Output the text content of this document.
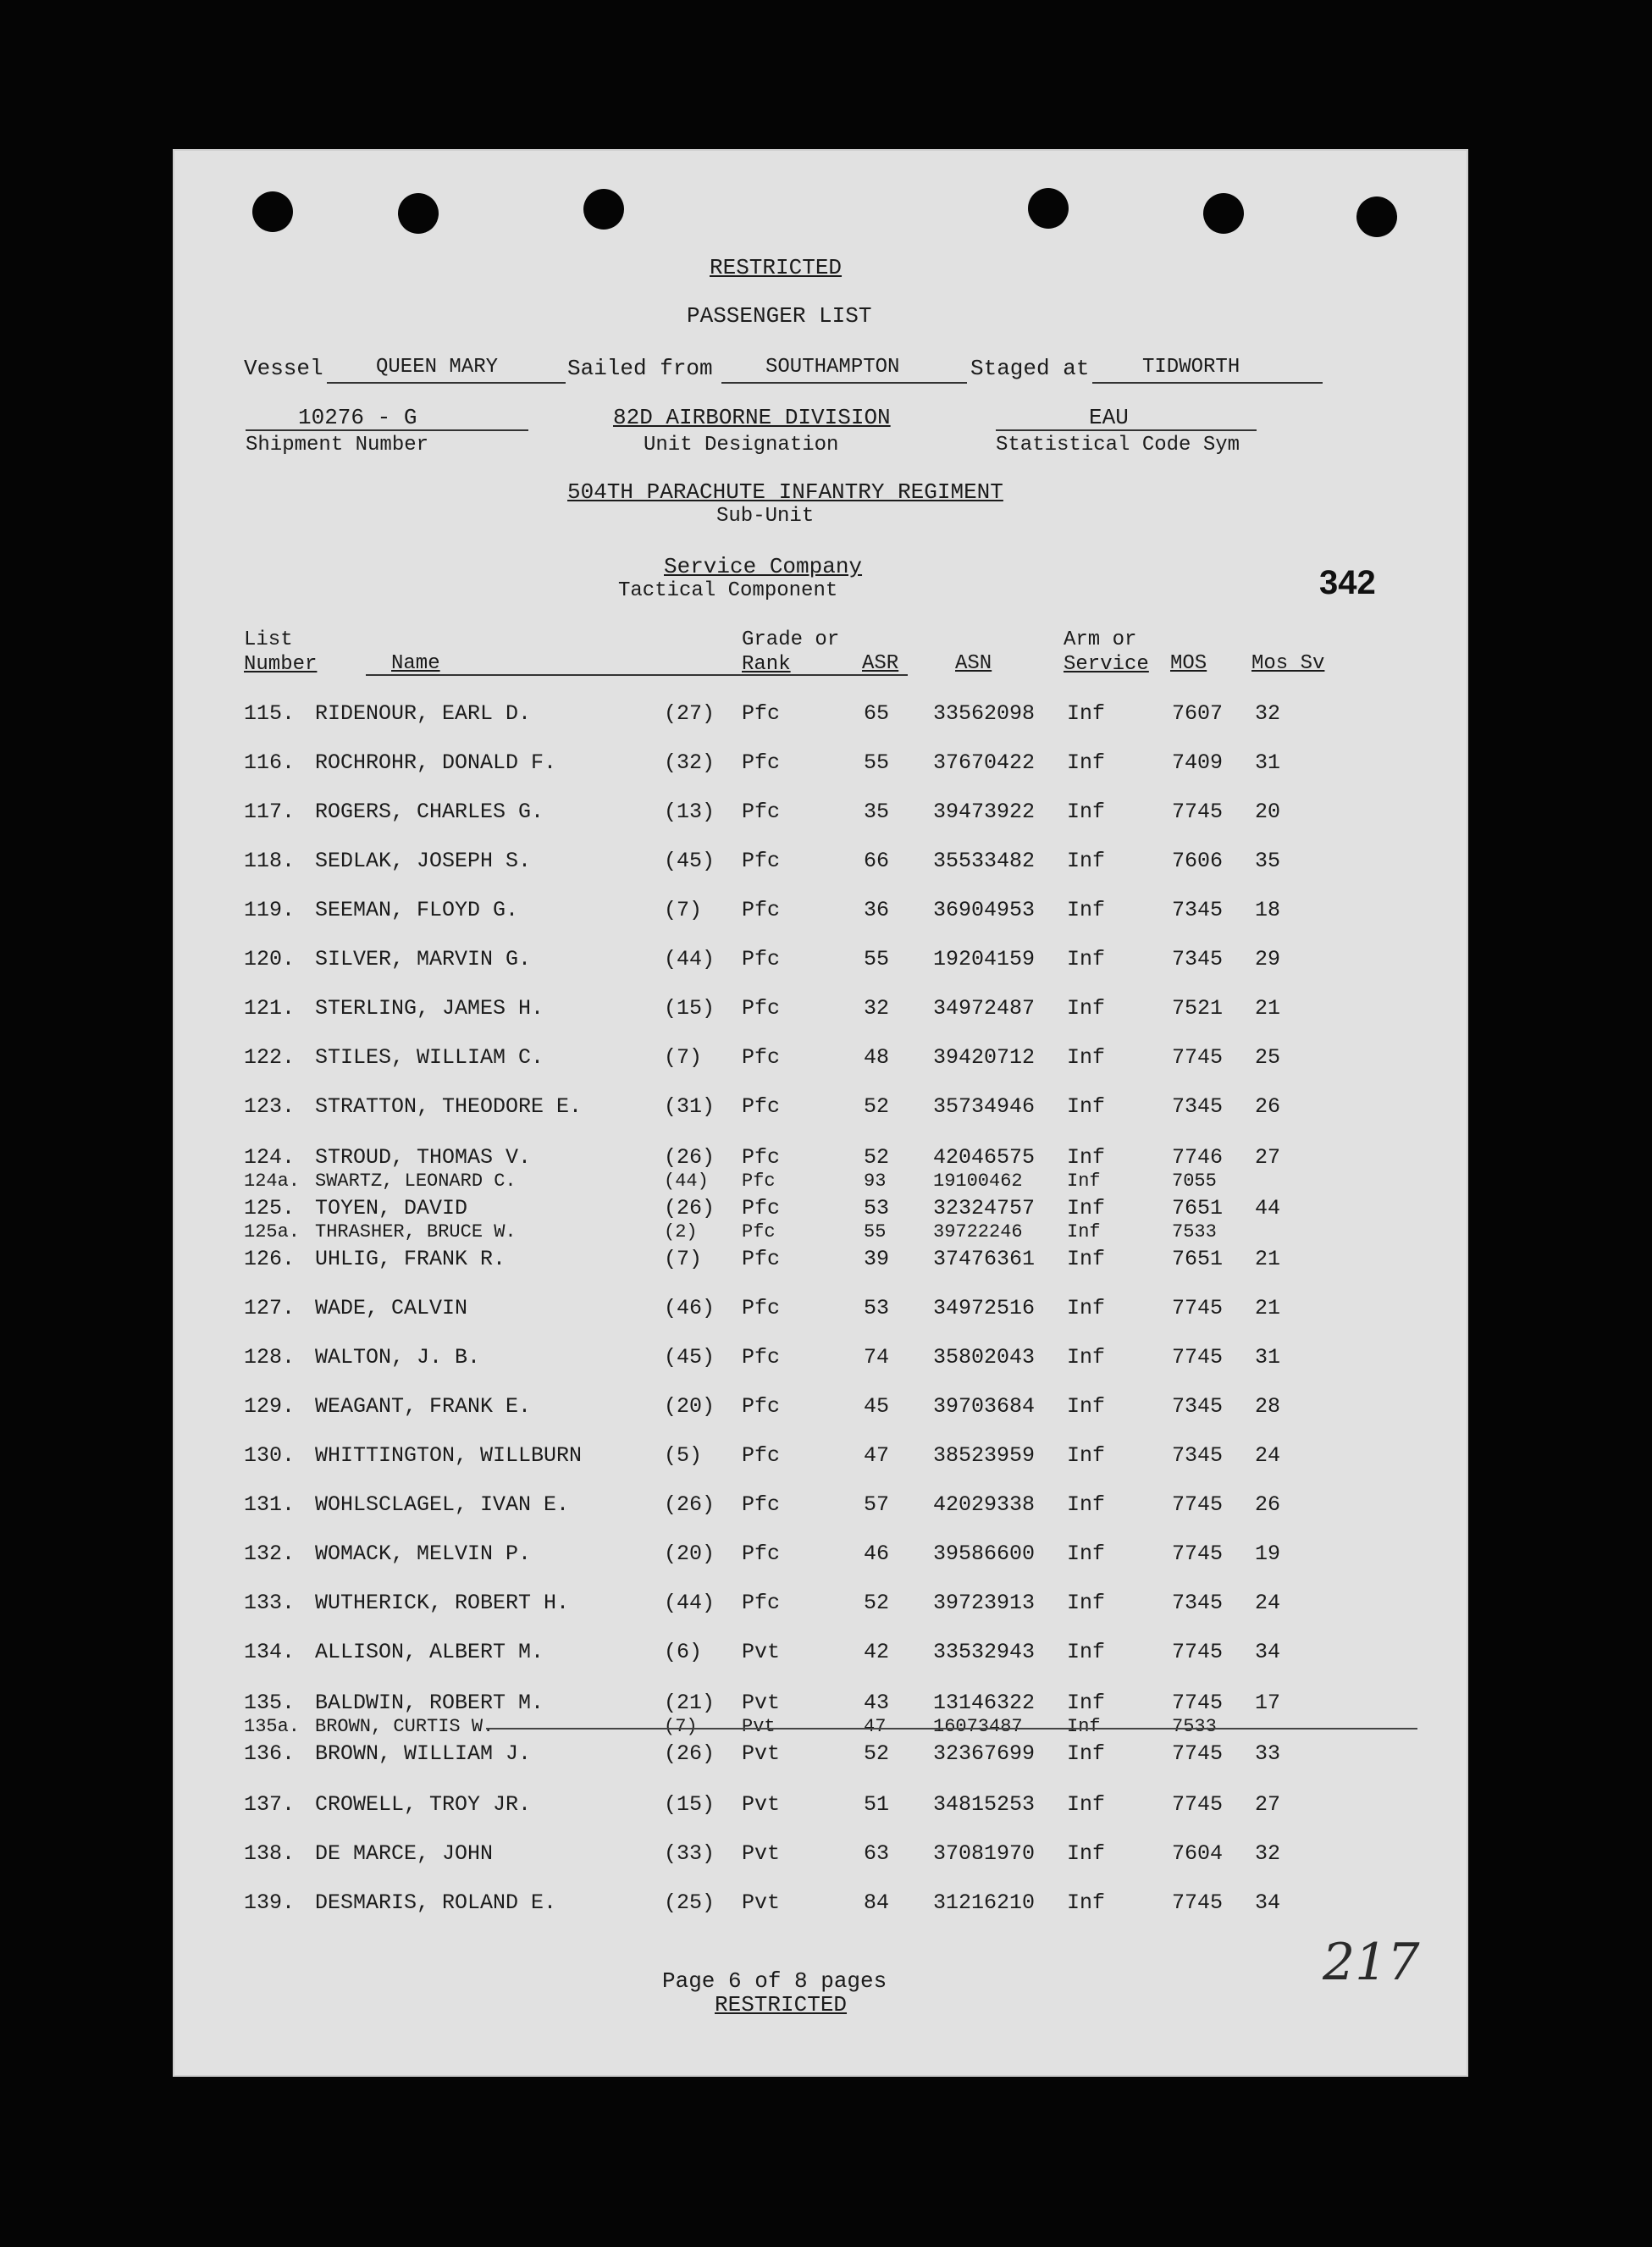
RESTRICTED
PASSENGER LIST
Vessel	QUEEN MARY	Sailed from	SOUTHAMPTON	Staged at	TIDWORTH
10276 - G
Shipment Number
82D AIRBORNE DIVISION
Unit Designation
EAU
Statistical Code Sym
504TH PARACHUTE INFANTRY REGIMENT
Sub-Unit
Service Company
Tactical Component	342
List
Number	Name
Grade or
Rank	ASR	ASN
Arm or
Service MOS Mos Sv
115. RIDENOUR, EARL D.	(27) Pfc	65 33562098 Inf	7607 32
116. ROCHROHR, DONALD F.	(32) Pfc	55 37670422 Inf	7409 31
117. ROGERS, CHARLES G.	(13) Pfc	35 39473922 Inf	7745 20
118. SEDLAK, JOSEPH S.	(45) Pfc	66 35533482 Inf	7606 35
119. SEEMAN, FLOYD G.	(7) Pfc	36 36904953 Inf	7345 18
120. SILVER, MARVIN G.	(44) Pfc	55 19204159 Inf	7345 29
121. STERLING, JAMES H.	(15) Pfc	32 34972487 Inf	7521 21
122. STILES, WILLIAM C.	(7) Pfc	48 39420712 Inf	7745 25
123. STRATTON, THEODORE E.	(31) Pfc	52 35734946 Inf	7345 26
124. STROUD, THOMAS V.	(26) Pfc	52 42046575 Inf	7746 27
124a. SWARTZ, LEONARD C.	(44) Pfc	93	19100462 Inf	7055
125. TOYEN, DAVID	(26) Pfc	53 32324757 Inf	7651 44
125a. THRASHER, BRUCE W.	(2) Pfc	55	39722246 Inf	7533
126. UHLIG, FRANK R.	(7) Pfc	39 37476361 Inf	7651 21
127. WADE, CALVIN	(46) Pfc	53 34972516 Inf	7745 21
128. WALTON, J. B.	(45) Pfc	74 35802043 Inf	7745 31
129. WEAGANT, FRANK E.	(20) Pfc	45 39703684 Inf	7345 28
130. WHITTINGTON, WILLBURN	(5) Pfc	47 38523959 Inf	7345 24
131. WOHLSCLAGEL, IVAN E.	(26) Pfc	57 42029338 Inf	7745 26
132. WOMACK, MELVIN P.	(20) Pfc	46 39586600 Inf	7745 19
133. WUTHERICK, ROBERT H.	(44) Pfc	52 39723913 Inf	7345 24
134. ALLISON, ALBERT M.	(6) Pvt	42 33532943 Inf	7745 34
135. BALDWIN, ROBERT M.	(21) Pvt	43 13146322 Inf	7745 17
135a. BROWN, CURTIS W.	(7) Pvt	47	16073487 Inf	7533
136. BROWN, WILLIAM J.	(26) Pvt	52 32367699 Inf	7745 33
137. CROWELL, TROY JR.	(15) Pvt	51 34815253 Inf	7745 27
138. DE MARCE, JOHN	(33) Pvt	63 37081970 Inf	7604 32
139. DESMARIS, ROLAND E.	(25) Pvt	84 31216210 Inf	7745 34
Page 6 of 8 pages
RESTRICTED
217
